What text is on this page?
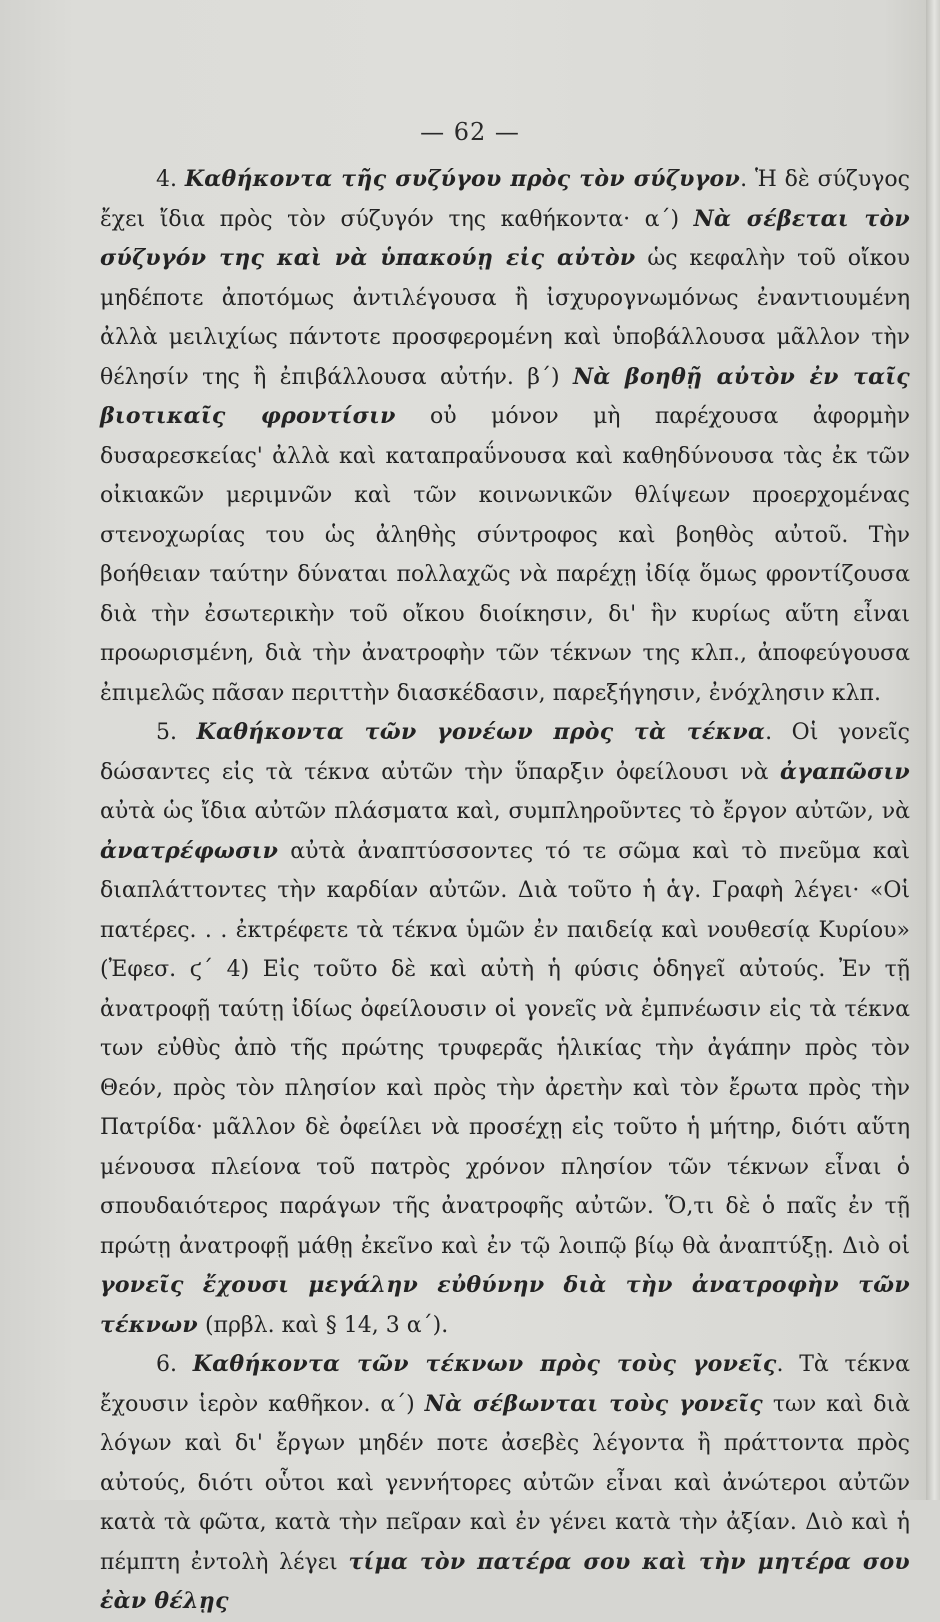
— 62 —

4. Καθήκοντα τῆς συζύγου πρὸς τὸν σύζυγον. Ἡ δὲ σύζυγος ἔχει ἴδια πρὸς τὸν σύζυγόν της καθήκοντα· α΄) Νὰ σέβεται τὸν σύζυγόν της καὶ νὰ ὑπακούῃ εἰς αὐτὸν ὡς κεφαλὴν τοῦ οἴκου μηδέποτε ἀποτόμως ἀντιλέγουσα ἢ ἰσχυρογνωμόνως ἐναντιουμένη ἀλλὰ μειλιχίως πάντοτε προσφερομένη καὶ ὑποβάλλουσα μᾶλλον τὴν θέλησίν της ἢ ἐπιβάλλουσα αὐτήν. β΄) Νὰ βοηθῇ αὐτὸν ἐν ταῖς βιοτικαῖς φροντίσιν οὐ μόνον μὴ παρέχουσα ἀφορμὴν δυσαρεσκείας' ἀλλὰ καὶ καταπραΰνουσα καὶ καθηδύνουσα τὰς ἐκ τῶν οἰκιακῶν μεριμνῶν καὶ τῶν κοινωνικῶν θλίψεων προερχομένας στενοχωρίας του ὡς ἀληθὴς σύντροφος καὶ βοηθὸς αὐτοῦ. Τὴν βοήθειαν ταύτην δύναται πολλαχῶς νὰ παρέχῃ ἰδίᾳ ὅμως φροντίζουσα διὰ τὴν ἐσωτερικὴν τοῦ οἴκου διοίκησιν, δι' ἣν κυρίως αὕτη εἶναι προωρισμένη, διὰ τὴν ἀνατροφὴν τῶν τέκνων της κλπ., ἀποφεύγουσα ἐπιμελῶς πᾶσαν περιττὴν διασκέδασιν, παρεξήγησιν, ἐνόχλησιν κλπ.

5. Καθήκοντα τῶν γονέων πρὸς τὰ τέκνα. Οἱ γονεῖς δώσαντες εἰς τὰ τέκνα αὐτῶν τὴν ὕπαρξιν ὀφείλουσι νὰ ἀγαπῶσιν αὐτὰ ὡς ἴδια αὐτῶν πλάσματα καὶ, συμπληροῦντες τὸ ἔργον αὐτῶν, νὰ ἀνατρέφωσιν αὐτὰ ἀναπτύσσοντες τό τε σῶμα καὶ τὸ πνεῦμα καὶ διαπλάττοντες τὴν καρδίαν αὐτῶν. Διὰ τοῦτο ἡ ἁγ. Γραφὴ λέγει· «Οἱ πατέρες. . . ἐκτρέφετε τὰ τέκνα ὑμῶν ἐν παιδείᾳ καὶ νουθεσίᾳ Κυρίου» (Ἐφεσ. ϛ΄ 4) Εἰς τοῦτο δὲ καὶ αὐτὴ ἡ φύσις ὁδηγεῖ αὐτούς. Ἐν τῇ ἀνατροφῇ ταύτῃ ἰδίως ὀφείλουσιν οἱ γονεῖς νὰ ἐμπνέωσιν εἰς τὰ τέκνα των εὐθὺς ἀπὸ τῆς πρώτης τρυφερᾶς ἡλικίας τὴν ἀγάπην πρὸς τὸν Θεόν, πρὸς τὸν πλησίον καὶ πρὸς τὴν ἀρετὴν καὶ τὸν ἔρωτα πρὸς τὴν Πατρίδα· μᾶλλον δὲ ὀφείλει νὰ προσέχῃ εἰς τοῦτο ἡ μήτηρ, διότι αὕτη μένουσα πλείονα τοῦ πατρὸς χρόνον πλησίον τῶν τέκνων εἶναι ὁ σπουδαιότερος παράγων τῆς ἀνατροφῆς αὐτῶν. Ὅ,τι δὲ ὁ παῖς ἐν τῇ πρώτῃ ἀνατροφῇ μάθῃ ἐκεῖνο καὶ ἐν τῷ λοιπῷ βίῳ θὰ ἀναπτύξῃ. Διὸ οἱ γονεῖς ἔχουσι μεγάλην εὐθύνην διὰ τὴν ἀνατροφὴν τῶν τέκνων (πρβλ. καὶ § 14, 3 α΄).

6. Καθήκοντα τῶν τέκνων πρὸς τοὺς γονεῖς. Τὰ τέκνα ἔχουσιν ἱερὸν καθῆκον. α΄) Νὰ σέβωνται τοὺς γονεῖς των καὶ διὰ λόγων καὶ δι' ἔργων μηδέν ποτε ἀσεβὲς λέγοντα ἢ πράττοντα πρὸς αὐτούς, διότι οὗτοι καὶ γεννήτορες αὐτῶν εἶναι καὶ ἀνώτεροι αὐτῶν κατὰ τὰ φῶτα, κατὰ τὴν πεῖραν καὶ ἐν γένει κατὰ τὴν ἀξίαν. Διὸ καὶ ἡ πέμπτη ἐντολὴ λέγει τίμα τὸν πατέρα σου καὶ τὴν μητέρα σου ἐὰν θέλῃς
